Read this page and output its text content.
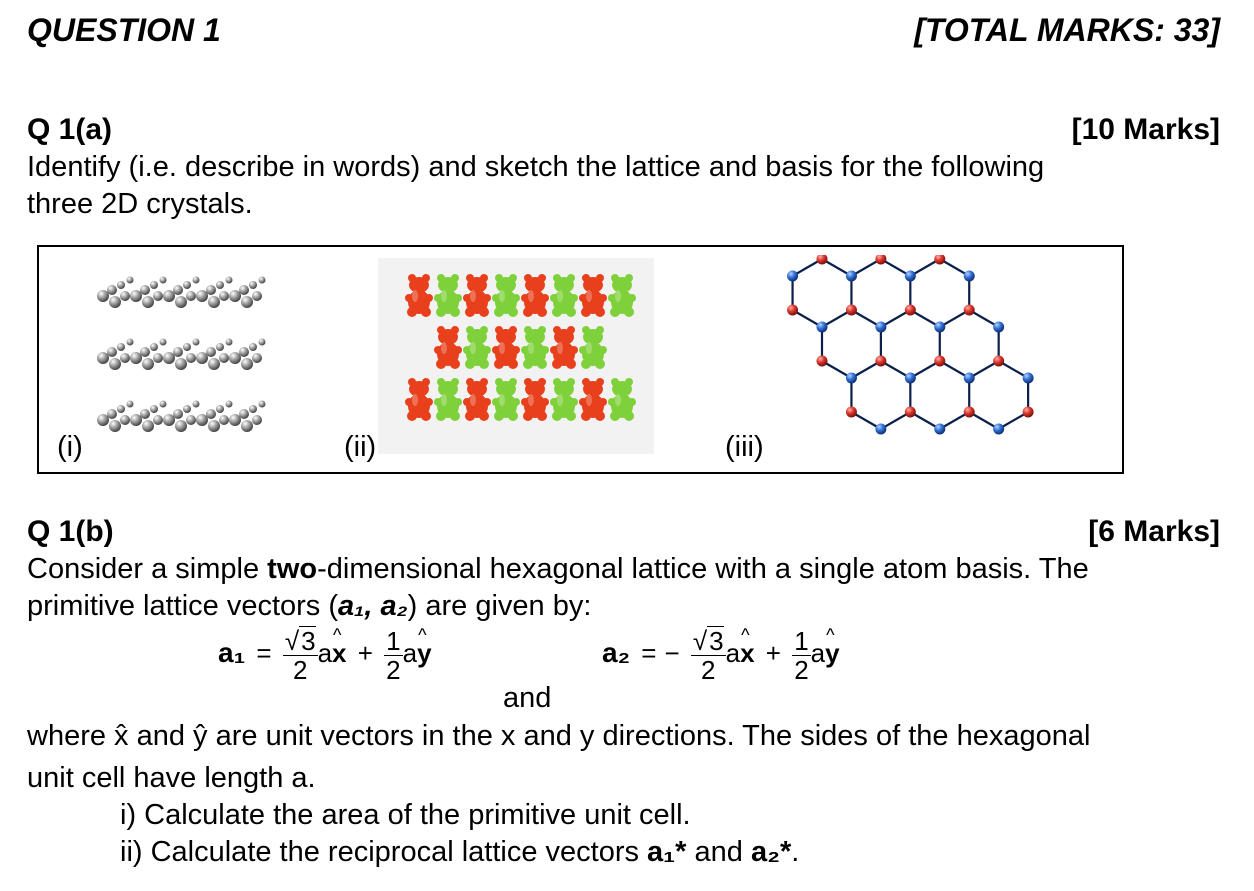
QUESTION 1	[TOTAL MARKS: 33]
Q 1(a)	[10 Marks]
Identify (i.e. describe in words) and sketch the lattice and basis for the following
three 2D crystals.
(i)	(ii)	(iii)
Q 1(b)	[6 Marks]
Consider a simple two-dimensional hexagonal lattice with a single atom basis. The
primitive lattice vectors (a₁, a₂) are given by:
$a_1 = \frac{√3}{2}$ ax ^ + $\frac{1}{2}$ ay ^
and
a₂ = − $\frac{√3}{2}$ ax ^ + $\frac{1}{2}$ ay ^
where x̂ and ŷ are unit vectors in the x and y directions. The sides of the hexagonal
unit cell have length a.
i) Calculate the area of the primitive unit cell.
ii) Calculate the reciprocal lattice vectors a₁* and a₂*.
